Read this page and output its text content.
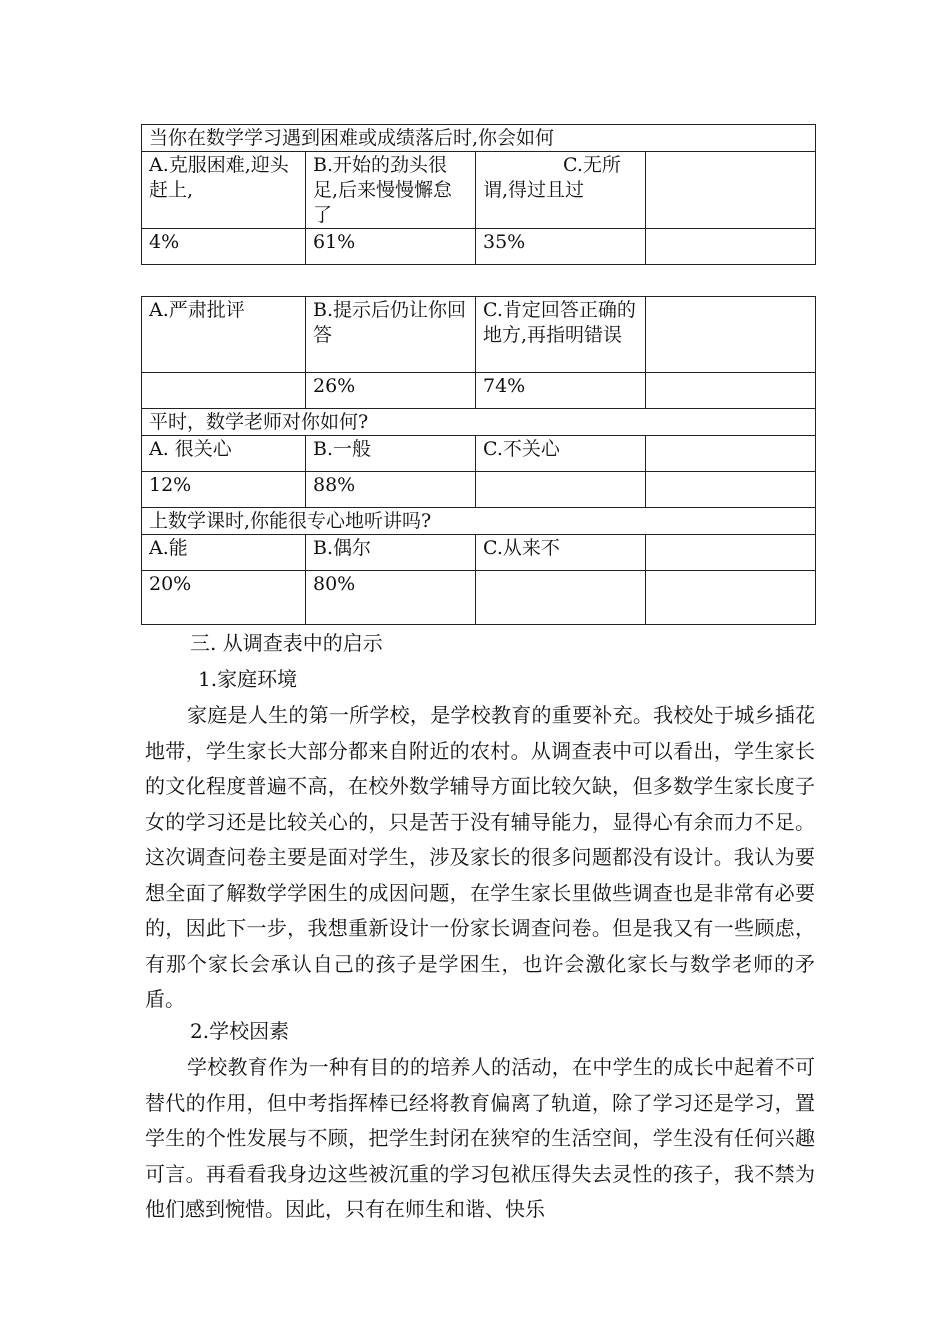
当你在数学学习遇到困难或成绩落后时,你会如何			
A.克服困难,迎头赶上,	B.开始的劲头很足,后来慢慢懈怠了	C.无所谓,得过且过	

4%	61%	35%	
A.严肃批评	B.提示后仍让你回答	C.肯定回答正确的地方,再指明错误	
	26%	74%	
平时，数学老师对你如何?			
A. 很关心	B.一般	C.不关心	
12%	88%		
上数学课时,你能很专心地听讲吗?			
A.能	B.偶尔	C.从来不	
20%	80%		
三. 从调查表中的启示
1.家庭环境

家庭是人生的第一所学校，是学校教育的重要补充。我校处于城乡插花地带，学生家长大部分都来自附近的农村。从调查表中可以看出，学生家长的文化程度普遍不高，在校外数学辅导方面比较欠缺，但多数学生家长度子女的学习还是比较关心的，只是苦于没有辅导能力，显得心有余而力不足。这次调查问卷主要是面对学生，涉及家长的很多问题都没有设计。我认为要想全面了解数学学困生的成因问题，在学生家长里做些调查也是非常有必要的，因此下一步，我想重新设计一份家长调查问卷。但是我又有一些顾虑，有那个家长会承认自己的孩子是学困生，也许会激化家长与数学老师的矛盾。

2.学校因素

学校教育作为一种有目的的培养人的活动，在中学生的成长中起着不可替代的作用，但中考指挥棒已经将教育偏离了轨道，除了学习还是学习，置学生的个性发展与不顾，把学生封闭在狭窄的生活空间，学生没有任何兴趣可言。再看看我身边这些被沉重的学习包袱压得失去灵性的孩子，我不禁为他们感到惋惜。因此，只有在师生和谐、快乐
